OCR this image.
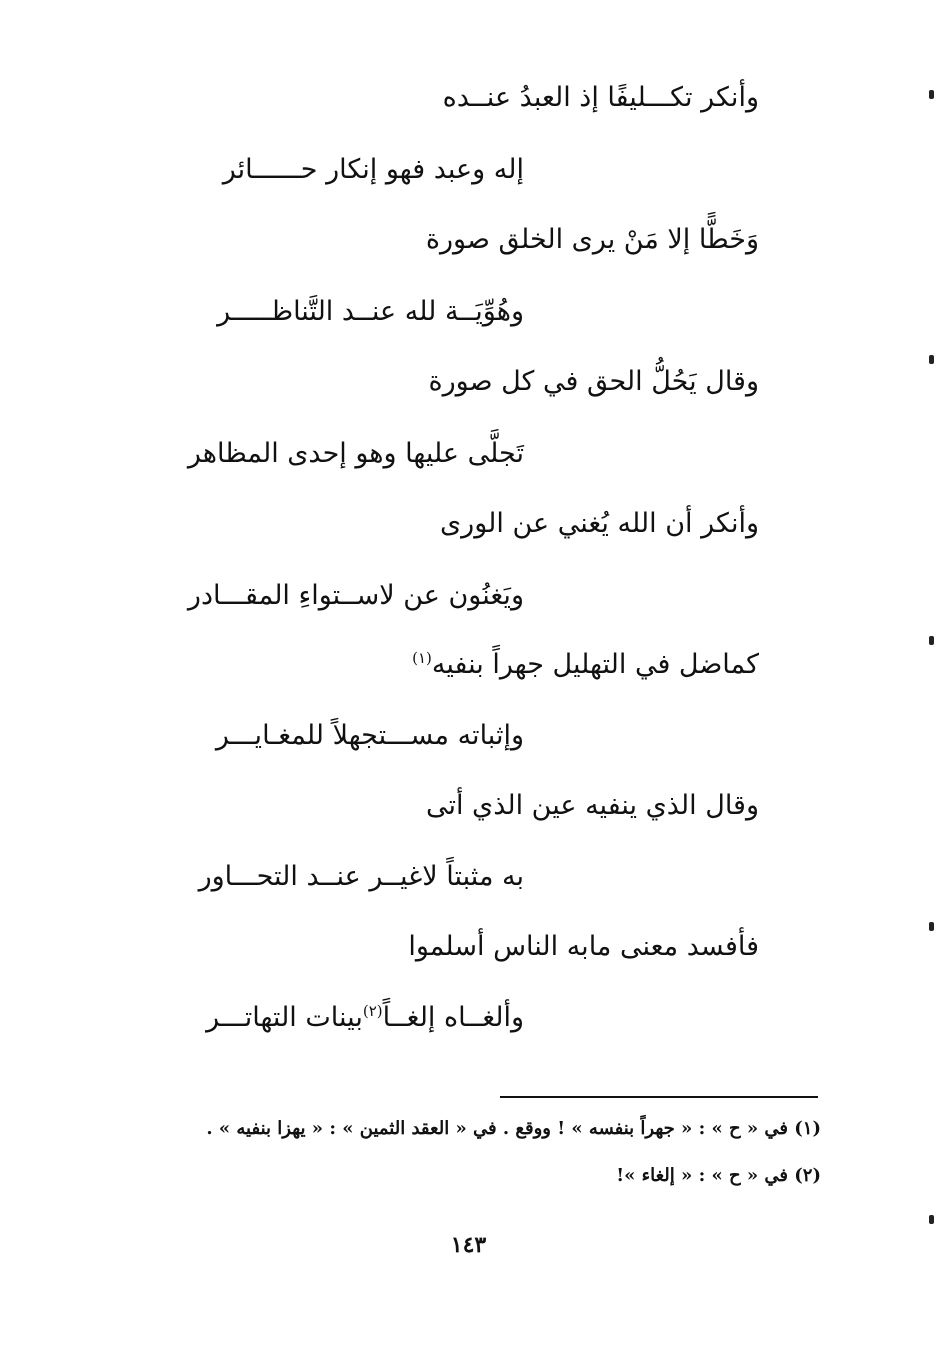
وأنكر تكـــليفًا إذ العبدُ عنــده
إله وعبد فهو إنكار حــــــائر
وَخَطًّا إلا مَنْ يرى الخلق صورة
وهُوِّيَــة لله عنــد التَّناظـــــر
وقال يَحُلُّ الحق في كل صورة
تَجلَّى عليها وهو إحدى المظاهر
وأنكر أن الله يُغني عن الورى
ويَغنُون عن لاســتواءِ المقـــادر
كماضل في التهليل جهراً بنفيه$^{(١)}$
وإثباته مســـتجهلاً للمغـايـــر
وقال الذي ينفيه عين الذي أتى
به مثبتاً لاغيــر عنــد التحـــاور
فأفسد معنى مابه الناس أسلموا
وألغــاه إلغــاً$^{(٢)}$بينات التهاتـــر
(١) في « ح » : « جهراً بنفسه » ! ووقع . في « العقد الثمين » : « يهزا بنفيه » .
(٢) في « ح » : « إلغاء »!
١٤٣
